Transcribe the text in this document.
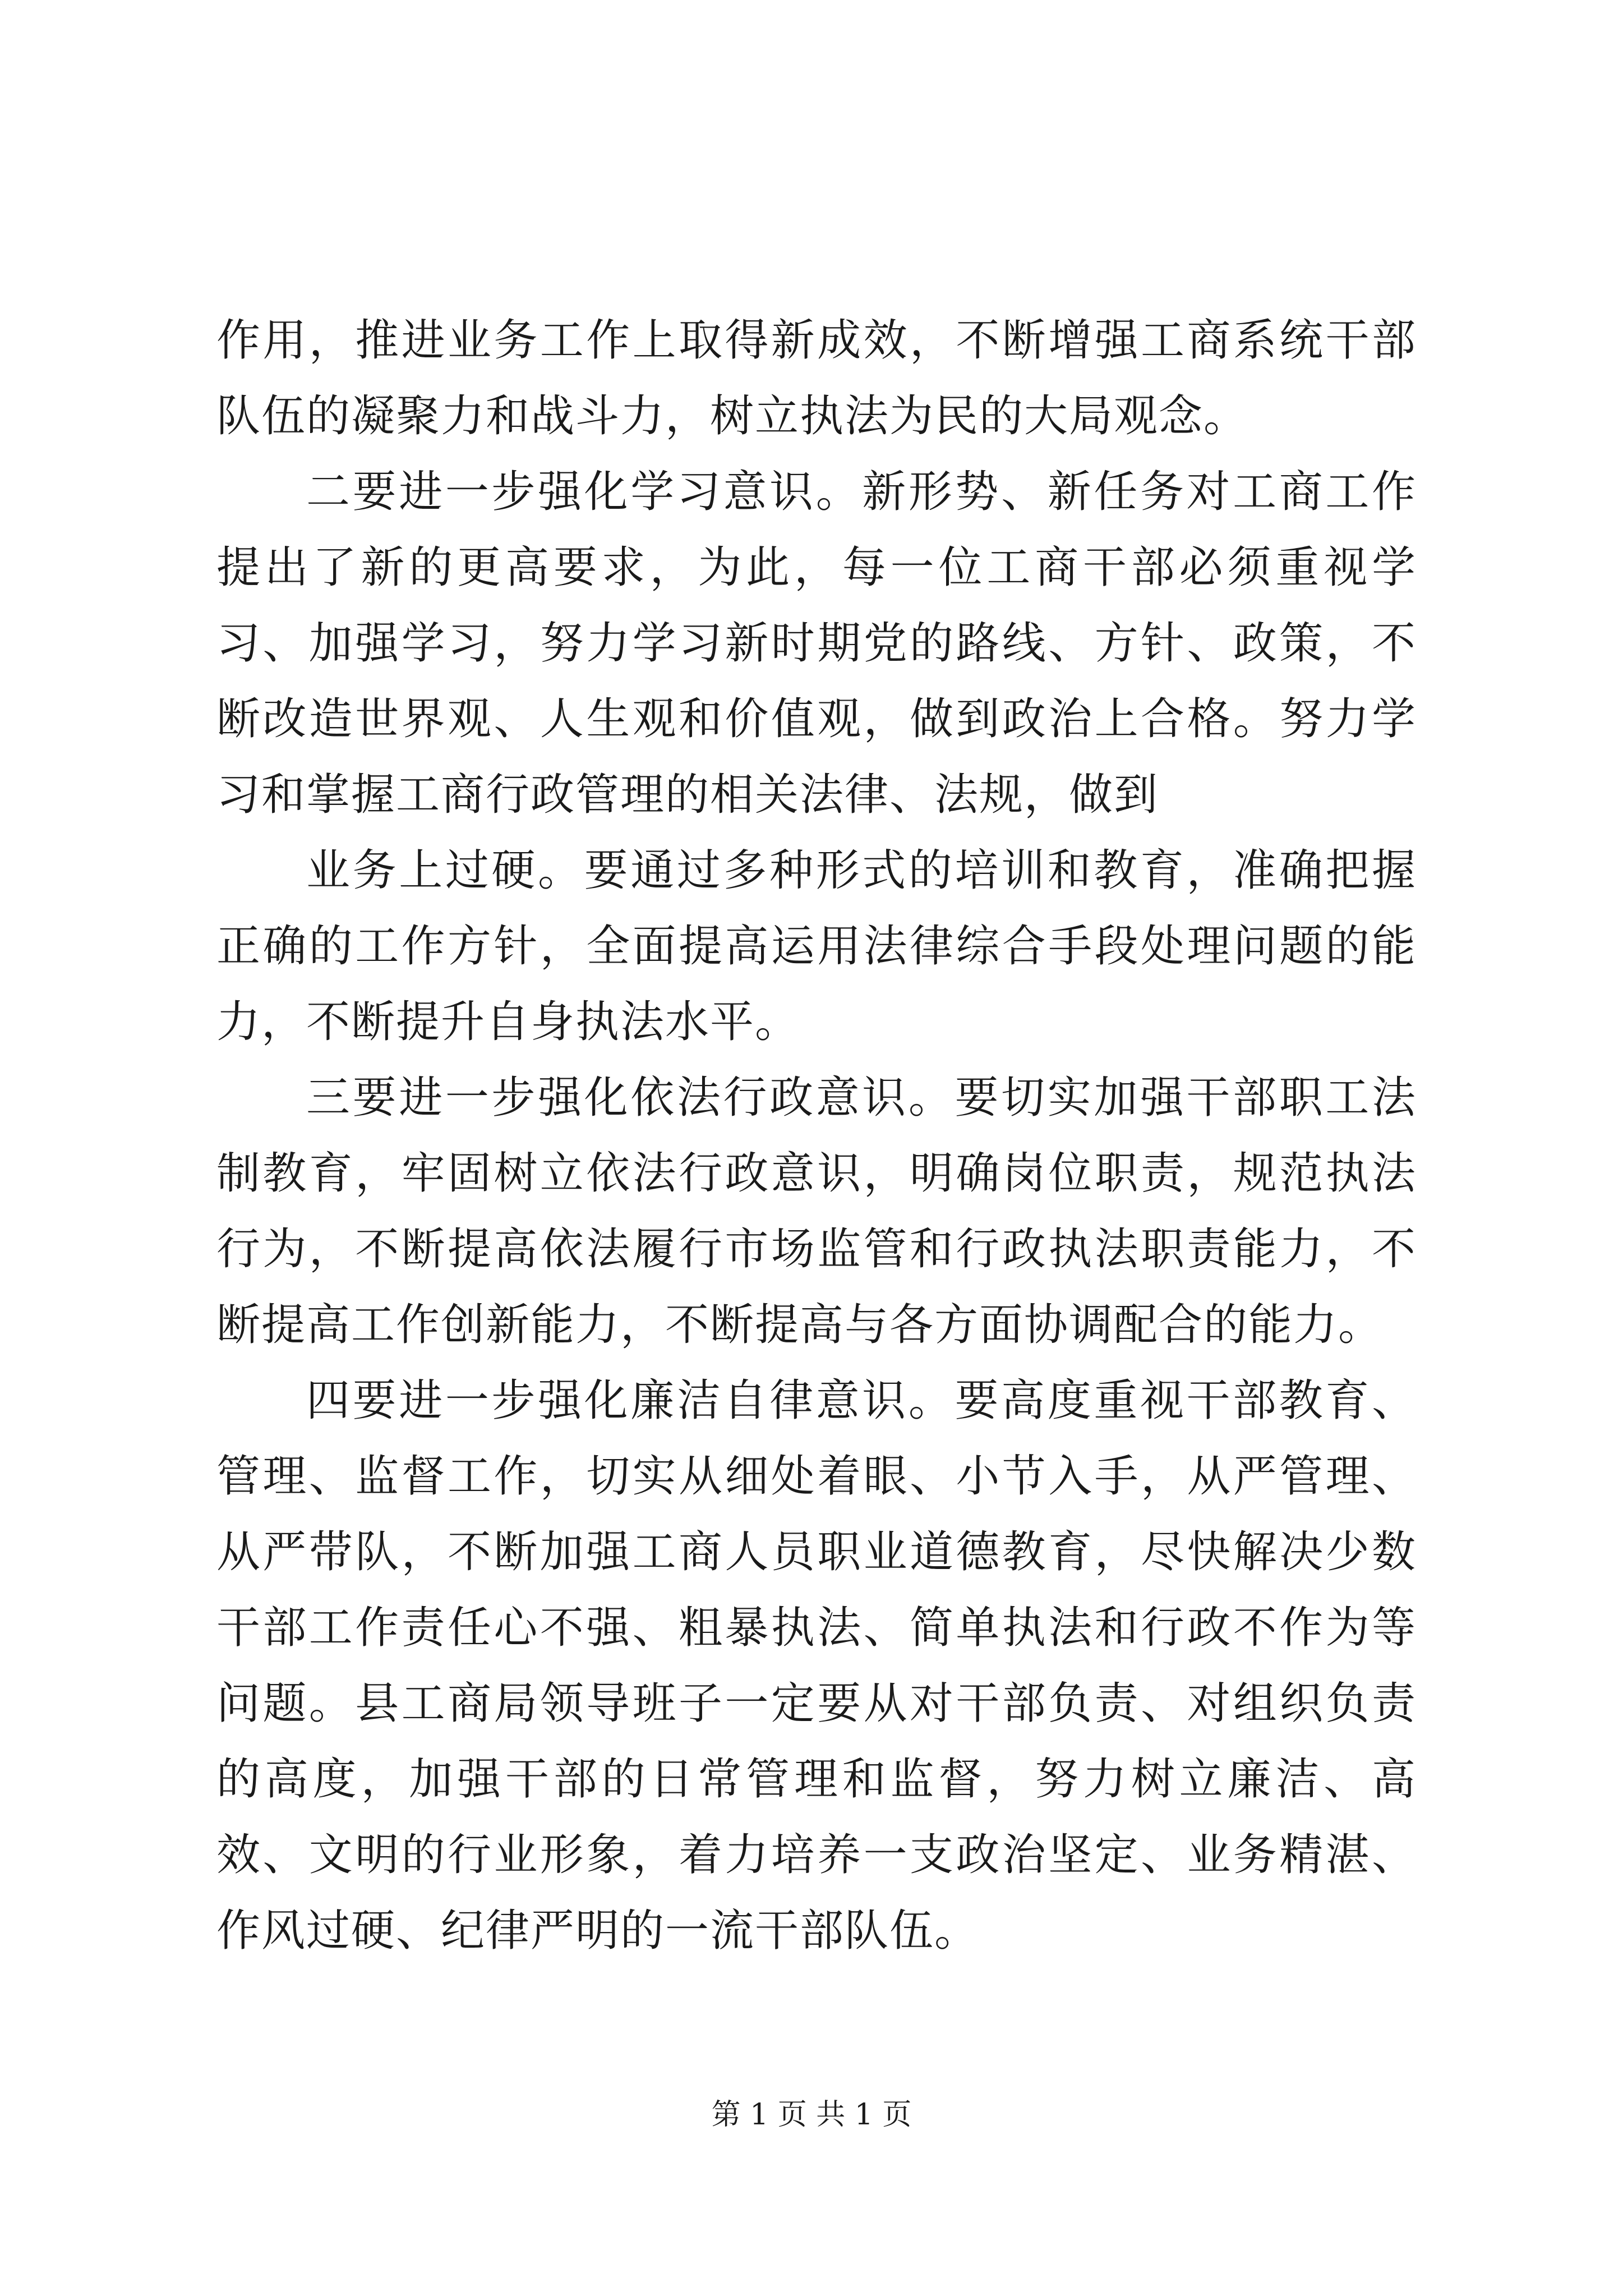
作用，推进业务工作上取得新成效，不断增强工商系统干部队伍的凝聚力和战斗力，树立执法为民的大局观念。

二要进一步强化学习意识。新形势、新任务对工商工作提出了新的更高要求，为此，每一位工商干部必须重视学习、加强学习，努力学习新时期党的路线、方针、政策，不断改造世界观、人生观和价值观，做到政治上合格。努力学习和掌握工商行政管理的相关法律、法规，做到

业务上过硬。要通过多种形式的培训和教育，准确把握正确的工作方针，全面提高运用法律综合手段处理问题的能力，不断提升自身执法水平。

三要进一步强化依法行政意识。要切实加强干部职工法制教育，牢固树立依法行政意识，明确岗位职责，规范执法行为，不断提高依法履行市场监管和行政执法职责能力，不断提高工作创新能力，不断提高与各方面协调配合的能力。

四要进一步强化廉洁自律意识。要高度重视干部教育、管理、监督工作，切实从细处着眼、小节入手，从严管理、从严带队，不断加强工商人员职业道德教育，尽快解决少数干部工作责任心不强、粗暴执法、简单执法和行政不作为等问题。县工商局领导班子一定要从对干部负责、对组织负责的高度，加强干部的日常管理和监督，努力树立廉洁、高效、文明的行业形象，着力培养一支政治坚定、业务精湛、作风过硬、纪律严明的一流干部队伍。

第 1 页 共 1 页
